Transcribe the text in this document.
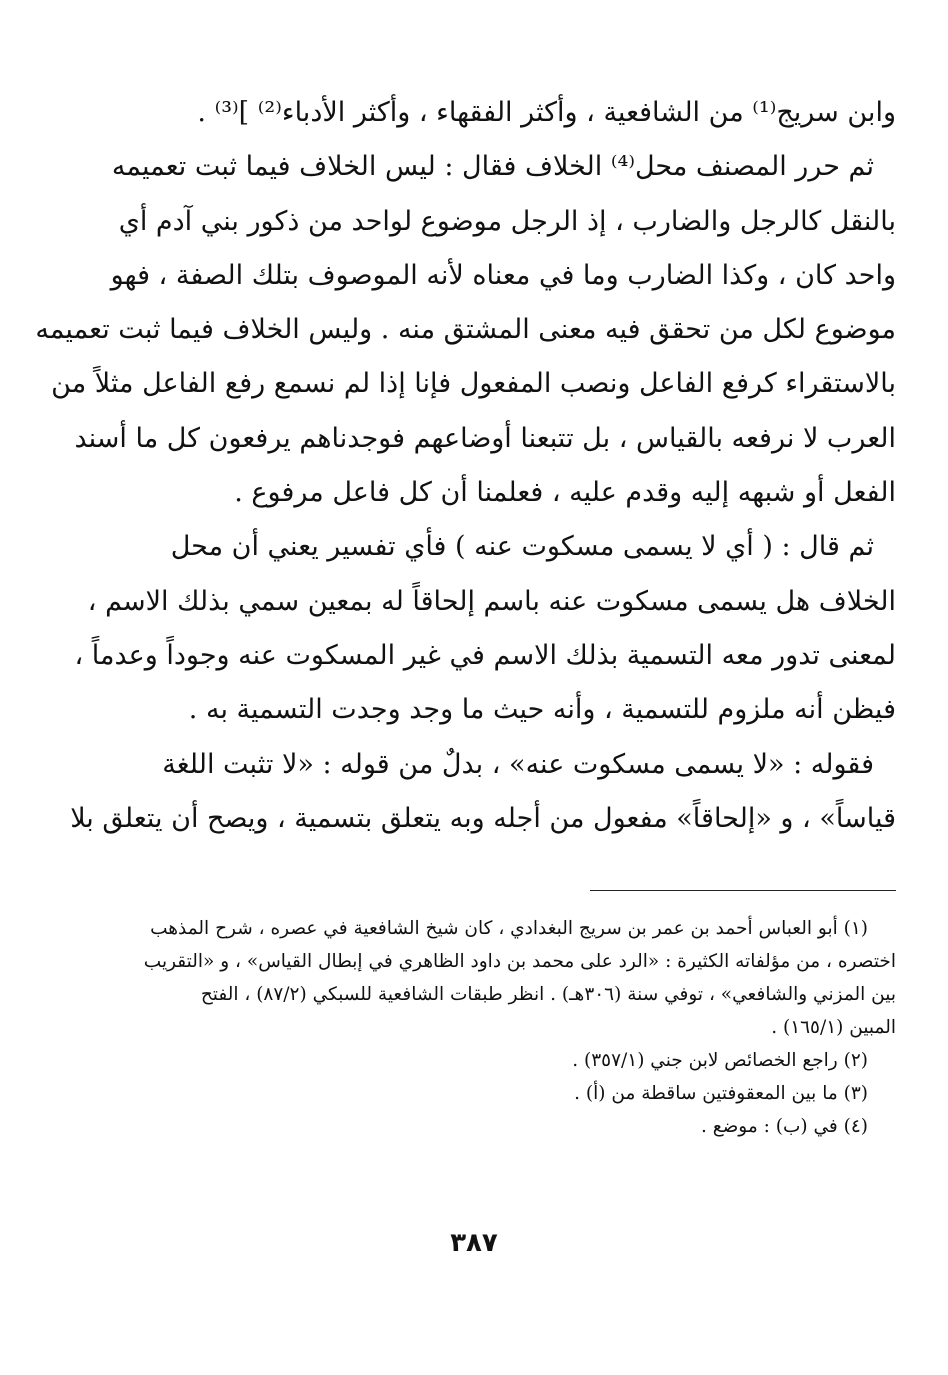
وابن سريج⁽¹⁾ من الشافعية ، وأكثر الفقهاء ، وأكثر الأدباء⁽²⁾ ]⁽³⁾ .
ثم حرر المصنف محل⁽⁴⁾ الخلاف فقال : ليس الخلاف فيما ثبت تعميمه
بالنقل كالرجل والضارب ، إذ الرجل موضوع لواحد من ذكور بني آدم أي
واحد كان ، وكذا الضارب وما في معناه لأنه الموصوف بتلك الصفة ، فهو
موضوع لكل من تحقق فيه معنى المشتق منه . وليس الخلاف فيما ثبت تعميمه
بالاستقراء كرفع الفاعل ونصب المفعول فإنا إذا لم نسمع رفع الفاعل مثلاً من
العرب لا نرفعه بالقياس ، بل تتبعنا أوضاعهم فوجدناهم يرفعون كل ما أسند
الفعل أو شبهه إليه وقدم عليه ، فعلمنا أن كل فاعل مرفوع .
ثم قال : ( أي لا يسمى مسكوت عنه ) فأي تفسير يعني أن محل
الخلاف هل يسمى مسكوت عنه باسم إلحاقاً له بمعين سمي بذلك الاسم ،
لمعنى تدور معه التسمية بذلك الاسم في غير المسكوت عنه وجوداً وعدماً ،
فيظن أنه ملزوم للتسمية ، وأنه حيث ما وجد وجدت التسمية به .
فقوله : «لا يسمى مسكوت عنه» ، بدلٌ من قوله : «لا تثبت اللغة
قياساً» ، و «إلحاقاً» مفعول من أجله وبه يتعلق بتسمية ، ويصح أن يتعلق بلا
(١) أبو العباس أحمد بن عمر بن سريج البغدادي ، كان شيخ الشافعية في عصره ، شرح المذهب
اختصره ، من مؤلفاته الكثيرة : «الرد على محمد بن داود الظاهري في إبطال القياس» ، و «التقريب
بين المزني والشافعي» ، توفي سنة (٣٠٦هـ) . انظر طبقات الشافعية للسبكي (٨٧/٢) ، الفتح
المبين (١٦٥/١) .
(٢) راجع الخصائص لابن جني (٣٥٧/١) .
(٣) ما بين المعقوفتين ساقطة من (أ) .
(٤) في (ب) : موضع .
٣٨٧
